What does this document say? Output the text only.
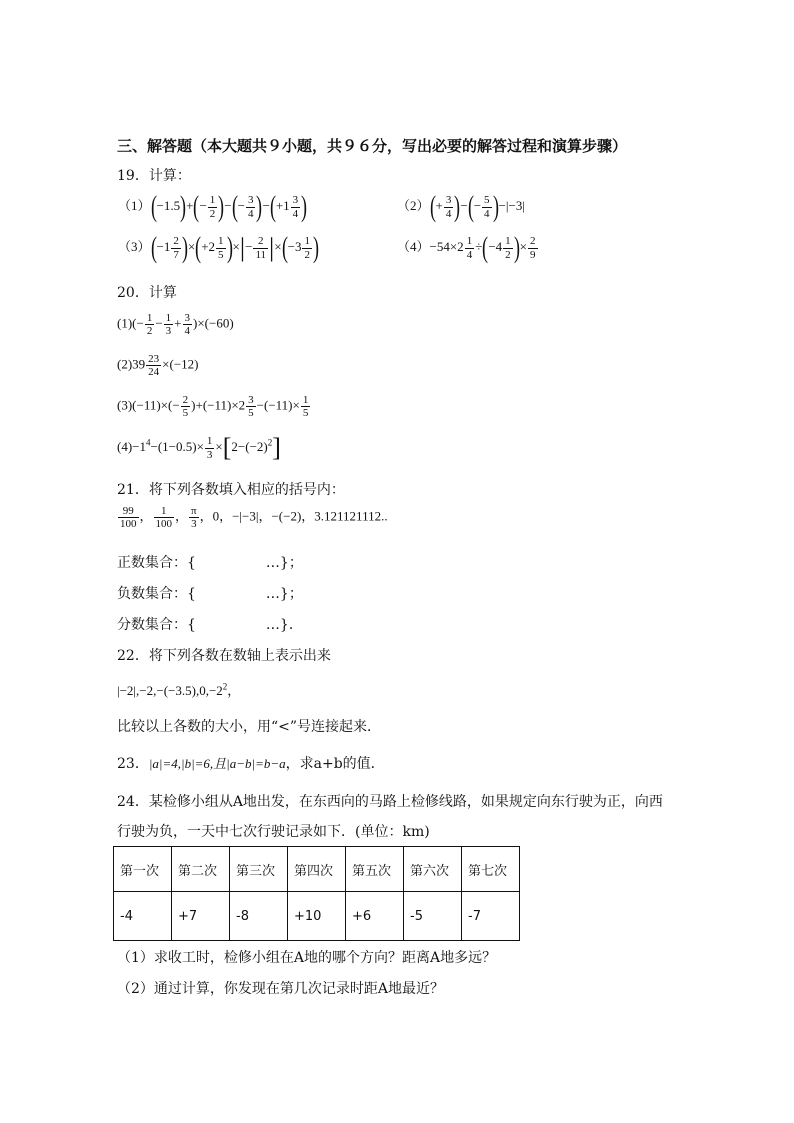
三、解答题（本大题共９小题，共９６分，写出必要的解答过程和演算步骤）
19．计算：
$(1)(-1.5)+(- \frac{1}{2}$ )−(− $\frac{3}{4} )-(+1 \frac{3}{4}$ )	$(2)(+ \frac{3}{4}$ )−(− $\frac{5}{4} )-|-3|$
$(3)(-1 \frac{2}{7} )\times(+2 \frac{1}{5}$ )×|− $\frac{2}{11} |\times(-3 \frac{1}{2}$ )	$(4)-54\times 2 \frac{1}{4} \div(-4 \frac{1}{2}$ )× $\frac{2}{9}$
20．计算
$(1)(- \frac{1}{2} - \frac{1}{3} + \frac{3}{4} )\times(-60)$
$(2)39 \frac{23}{24} \times(-12)$
$(3)(-11)\times(- \frac{2}{5} )+(-11)\times 2 \frac{3}{5} -(-11)\times \frac{1}{5}$
$(4)-1^4-(1-0.5)\times \frac{1}{3} \times[2-(-2)^2]$
21．将下列各数填入相应的括号内：
$\frac{99}{100}$ ， $\frac{1}{100}$ ， $\frac{\pi}{3}$ ，0，−|−3|，−(−2)，3.121121112..
正数集合：{　　　　　…}；
负数集合：{　　　　　…}；
分数集合：{　　　　　…}．
22．将下列各数在数轴上表示出来
$|-2|,-2,-(-3.5),0,-2^2$，
比较以上各数的大小，用“<”号连接起来．
23．|a|=4,|b|=6,且|a−b|=b−a，求a+b的值．
24．某检修小组从A地出发，在东西向的马路上检修线路，如果规定向东行驶为正，向西
行驶为负，一天中七次行驶记录如下．(单位：km)
第一次	第二次	第三次	第四次	第五次	第六次	第七次
-4	+7	-8	+10	+6	-5	-7
（1）求收工时，检修小组在A地的哪个方向？距离A地多远？
（2）通过计算，你发现在第几次记录时距A地最近？
